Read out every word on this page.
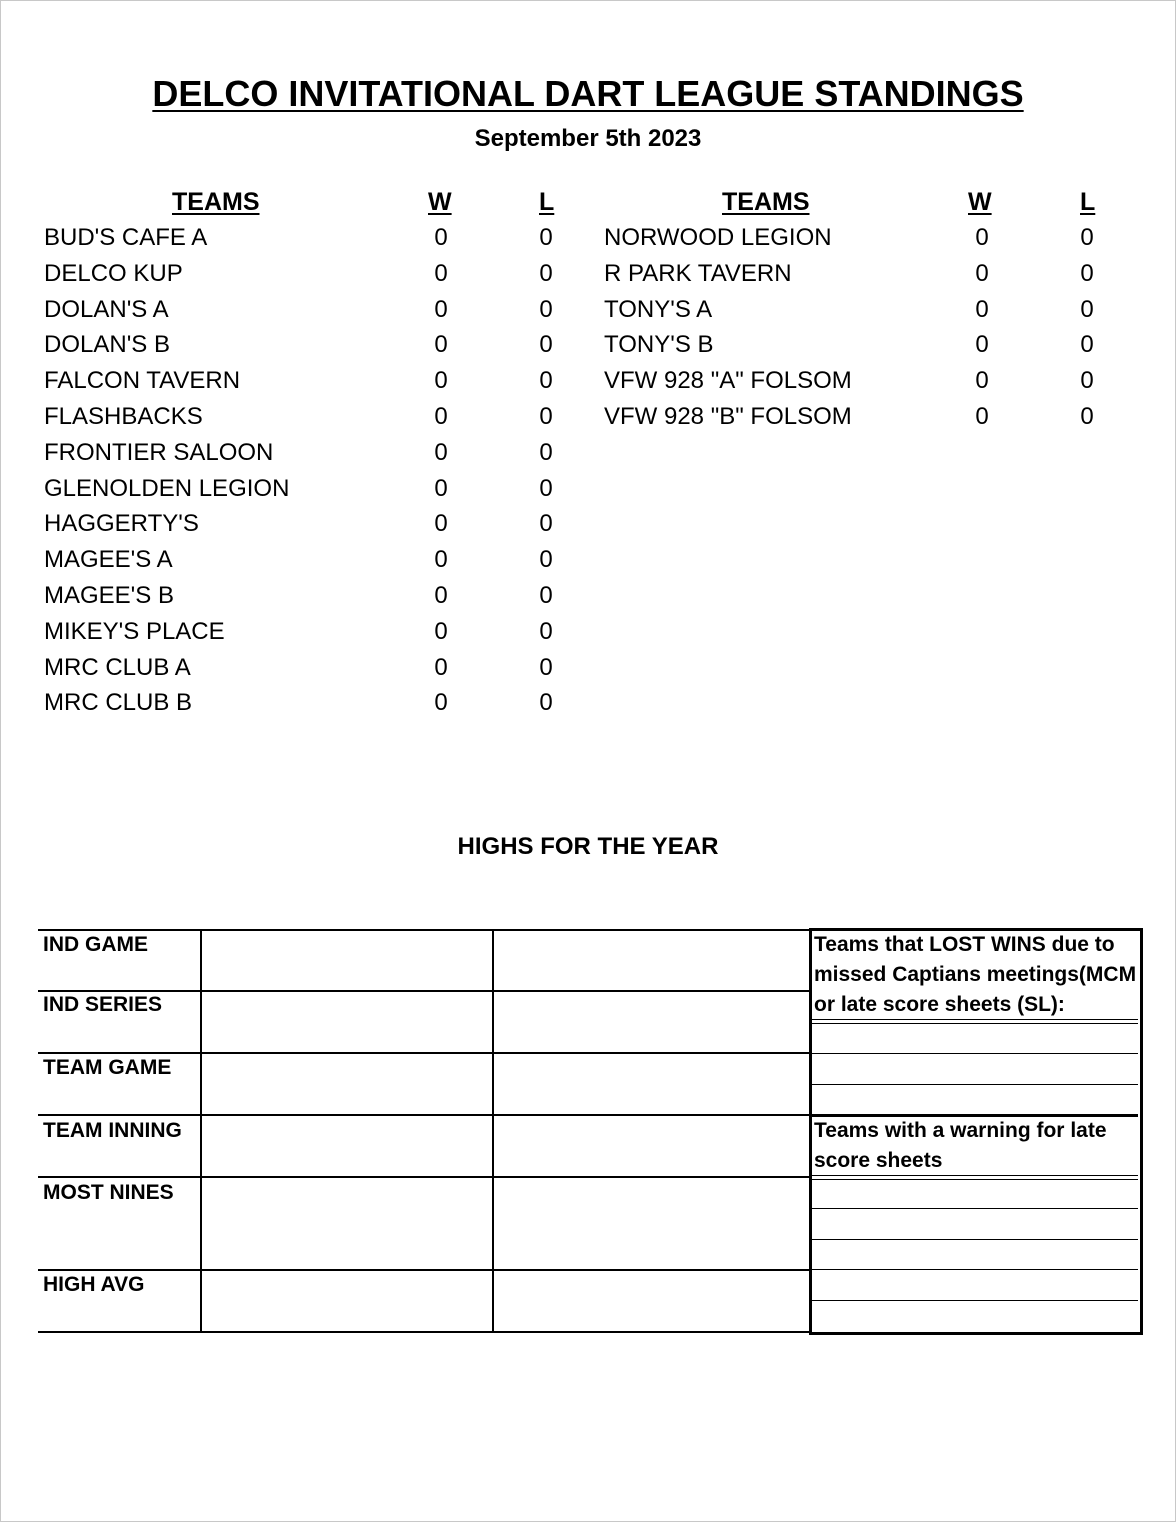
DELCO INVITATIONAL DART LEAGUE STANDINGS
September 5th 2023
TEAMS	W	L	TEAMS	W	L
BUD'S CAFE A	0	0
DELCO KUP	0	0
DOLAN'S A	0	0
DOLAN'S B	0	0
FALCON TAVERN	0	0
FLASHBACKS	0	0
FRONTIER SALOON	0	0
GLENOLDEN LEGION	0	0
HAGGERTY'S	0	0
MAGEE'S A	0	0
MAGEE'S B	0	0
MIKEY'S PLACE	0	0
MRC CLUB A	0	0
MRC CLUB B	0	0
NORWOOD LEGION	0	0
R PARK TAVERN	0	0
TONY'S A	0	0
TONY'S B	0	0
VFW 928 "A" FOLSOM	0	0
VFW 928 "B" FOLSOM	0	0
HIGHS FOR THE YEAR
IND GAME
IND SERIES
TEAM GAME
TEAM INNING
MOST NINES
HIGH AVG
Teams that LOST WINS due to
missed Captians meetings(MCM
or late score sheets (SL):
Teams with a warning for late
score sheets
